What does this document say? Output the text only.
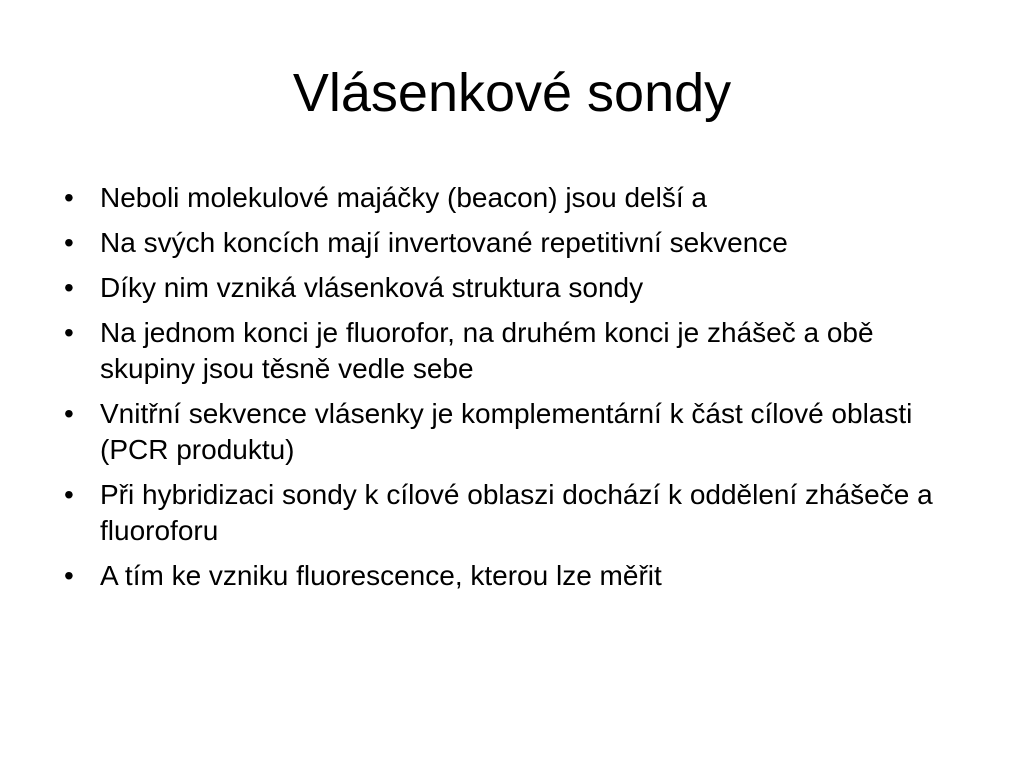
Vlásenkové sondy
• Neboli molekulové majáčky (beacon) jsou delší a
• Na svých koncích mají invertované repetitivní sekvence
• Díky nim vzniká vlásenková struktura sondy
• Na jednom konci je fluorofor, na druhém konci je zhášeč a obě skupiny jsou těsně vedle sebe
• Vnitřní sekvence vlásenky je komplementární k část cílové oblasti (PCR produktu)
• Při hybridizaci sondy k cílové oblaszi dochází k oddělení zhášeče a fluoroforu
• A tím ke vzniku fluorescence, kterou lze měřit
